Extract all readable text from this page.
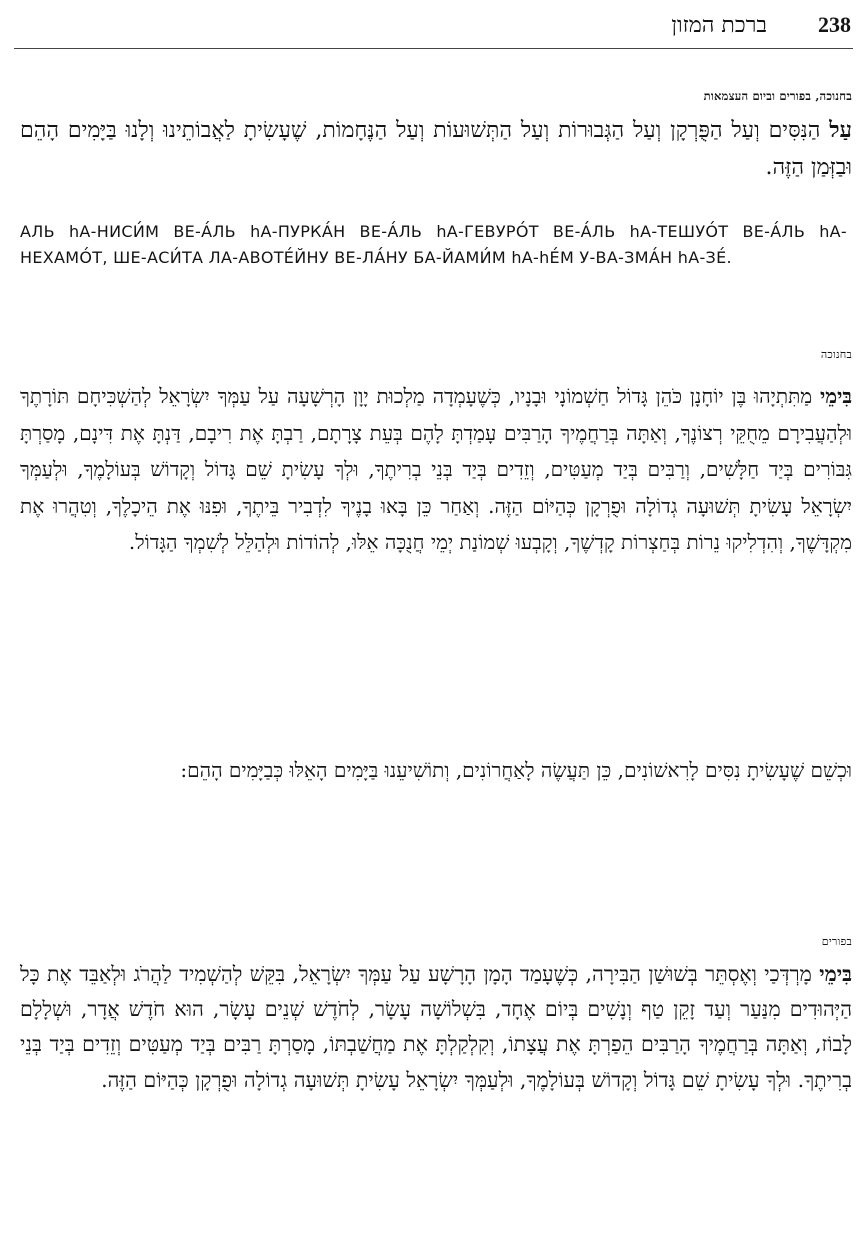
238
ברכת המזון
בחנוכה, בפורים וביום העצמאות

עַל הַנִּסִּים וְעַל הַפֻּרְקָן וְעַל הַגְּבוּרוֹת וְעַל הַתְּשׁוּעוֹת וְעַל הַנֶּחָמוֹת, שֶׁעָשִׂיתָ לַאֲבוֹתֵינוּ וְלָנוּ בַּיָּמִים הָהֵם וּבַזְּמַן הַזֶּה.

АЛЬ hА-НИСИ́М ВЕ-А́ЛЬ hА-ПУРКА́Н ВЕ-А́ЛЬ hА-ГЕВУРО́Т ВЕ-А́ЛЬ hА-ТЕШУО́Т ВЕ-А́ЛЬ hА-НЕХАМО́Т, ШЕ-АСИ́ТА ЛА-АВОТЕ́ЙНУ ВЕ-ЛА́НУ БА-ЙАМИ́М hА-hЕ́М У-ВА-ЗМА́Н hА-ЗЕ́.

בחנוכה

בִּימֵי מַתִּתְיָהוּ בֶּן יוֹחָנָן כֹּהֵן גָּדוֹל חַשְׁמוֹנָי וּבָנָיו, כְּשֶׁעָמְדָה מַלְכוּת יָוָן הָרְשָׁעָה עַל עַמְּךָ יִשְׂרָאֵל לְהַשְׁכִּיחָם תּוֹרָתֶךָ וּלְהַעֲבִירָם מֵחֻקֵּי רְצוֹנֶךָ, וְאַתָּה בְּרַחֲמֶיךָ הָרַבִּים עָמַדְתָּ לָהֶם בְּעֵת צָרָתָם, רַבְתָּ אֶת רִיבָם, דַּנְתָּ אֶת דִּינָם, מָסַרְתָּ גִּבּוֹרִים בְּיַד חַלָּשִׁים, וְרַבִּים בְּיַד מְעַטִּים, וְזֵדִים בְּיַד בְּנֵי בְרִיתֶךָ, וּלְךָ עָשִׂיתָ שֵׁם גָּדוֹל וְקָדוֹשׁ בְּעוֹלָמֶךָ, וּלְעַמְּךָ יִשְׂרָאֵל עָשִׂיתָ תְּשׁוּעָה גְדוֹלָה וּפֻרְקָן כְּהַיּוֹם הַזֶּה. וְאַחַר כֵּן בָּאוּ בָנֶיךָ לִדְבִיר בֵּיתֶךָ, וּפִנּוּ אֶת הֵיכָלֶךָ, וְטִהֲרוּ אֶת מִקְדָּשֶׁךָ, וְהִדְלִיקוּ נֵרוֹת בְּחַצְרוֹת קָדְשֶׁךָ, וְקָבְעוּ שְׁמוֹנַת יְמֵי חֲנֻכָּה אֵלּוּ, לְהוֹדוֹת וּלְהַלֵּל לְשִׁמְךָ הַגָּדוֹל.

וּכְשֵׁם שֶׁעָשִׂיתָ נִסִּים לָרִאשׁוֹנִים, כֵּן תַּעֲשֶׂה לָאַחֲרוֹנִים, וְתוֹשִׁיעֵנוּ בַּיָּמִים הָאֵלּוּ כְּבַיָּמִים הָהֵם:

בפורים

בִּימֵי מָרְדְּכַי וְאֶסְתֵּר בְּשׁוּשַׁן הַבִּירָה, כְּשֶׁעָמַד הָמָן הָרָשָׁע עַל עַמְּךָ יִשְׂרָאֵל, בִּקֵּשׁ לְהַשְׁמִיד לַהֲרֹג וּלְאַבֵּד אֶת כָּל הַיְּהוּדִים מִנַּעַר וְעַד זָקֵן טַף וְנָשִׁים בְּיוֹם אֶחָד, בִּשְׁלוֹשָׁה עָשָׂר, לְחֹדֶשׁ שְׁנֵים עָשָׂר, הוּא חֹדֶשׁ אֲדָר, וּשְׁלָלָם לָבוֹז, וְאַתָּה בְּרַחֲמֶיךָ הָרַבִּים הֵפַרְתָּ אֶת עֲצָתוֹ, וְקִלְקַלְתָּ אֶת מַחֲשַׁבְתּוֹ, מָסַרְתָּ רַבִּים בְּיַד מְעַטִּים וְזֵדִים בְּיַד בְּנֵי בְרִיתֶךָ. וּלְךָ עָשִׂיתָ שֵׁם גָּדוֹל וְקָדוֹשׁ בְּעוֹלָמֶךָ, וּלְעַמְּךָ יִשְׂרָאֵל עָשִׂיתָ תְּשׁוּעָה גְדוֹלָה וּפֻרְקָן כְּהַיּוֹם הַזֶּה.
